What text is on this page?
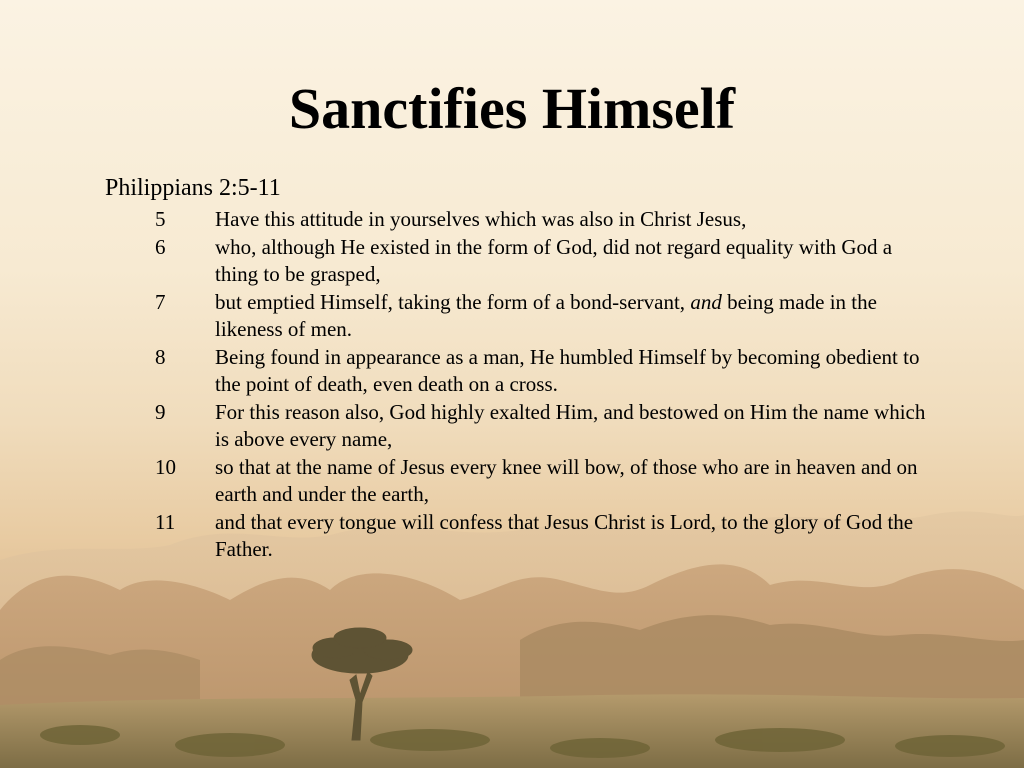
Sanctifies Himself

Philippians 2:5-11

5	Have this attitude in yourselves which was also in Christ Jesus,
6	who, although He existed in the form of God, did not regard equality with God a thing to be grasped,
7	but emptied Himself, taking the form of a bond-servant, and being made in the likeness of men.
8	Being found in appearance as a man, He humbled Himself by becoming obedient to the point of death, even death on a cross.
9	For this reason also, God highly exalted Him, and bestowed on Him the name which is above every name,
10	so that at the name of Jesus every knee will bow, of those who are in heaven and on earth and under the earth,
11	and that every tongue will confess that Jesus Christ is Lord, to the glory of God the Father.
